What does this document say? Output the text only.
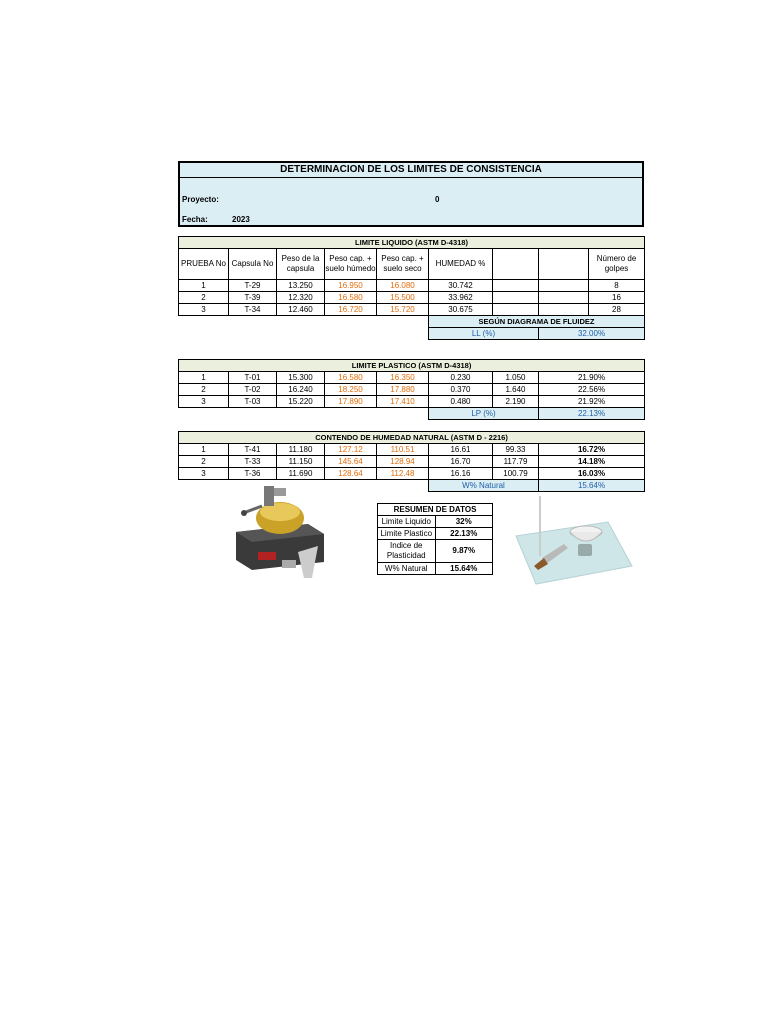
DETERMINACION DE LOS LIMITES DE CONSISTENCIA
Proyecto:	0
Fecha:	2023
LIMITE LIQUIDO (ASTM D-4318)								
PRUEBA No	Capsula No	Peso de la capsula	Peso cap. + suelo húmedo	Peso cap. + suelo seco	HUMEDAD %			Número de golpes
1	T-29	13.250	16.950	16.080	30.742			8
2	T-39	12.320	16.580	15.500	33.962			16
3	T-34	12.460	16.720	15.720	30.675			28
					SEGÚN DIAGRAMA DE FLUIDEZ			
					LL (%)		32.00%	
LIMITE PLASTICO (ASTM D-4318)							
1	T-01	15.300	16.580	16.350	0.230	1.050	21.90%
2	T-02	16.240	18.250	17.880	0.370	1.640	22.56%
3	T-03	15.220	17.890	17.410	0.480	2.190	21.92%
					LP (%)		22.13%
CONTENDO DE HUMEDAD NATURAL (ASTM D - 2216)							
1	T-41	11.180	127.12	110.51	16.61	99.33	16.72%
2	T-33	11.150	145.64	128.94	16.70	117.79	14.18%
3	T-36	11.690	128.64	112.48	16.16	100.79	16.03%
					W% Natural		15.64%
RESUMEN DE DATOS	
Limite Liquido	32%
Limite Plastico	22.13%
Indice de Plasticidad	9.87%
W% Natural	15.64%
